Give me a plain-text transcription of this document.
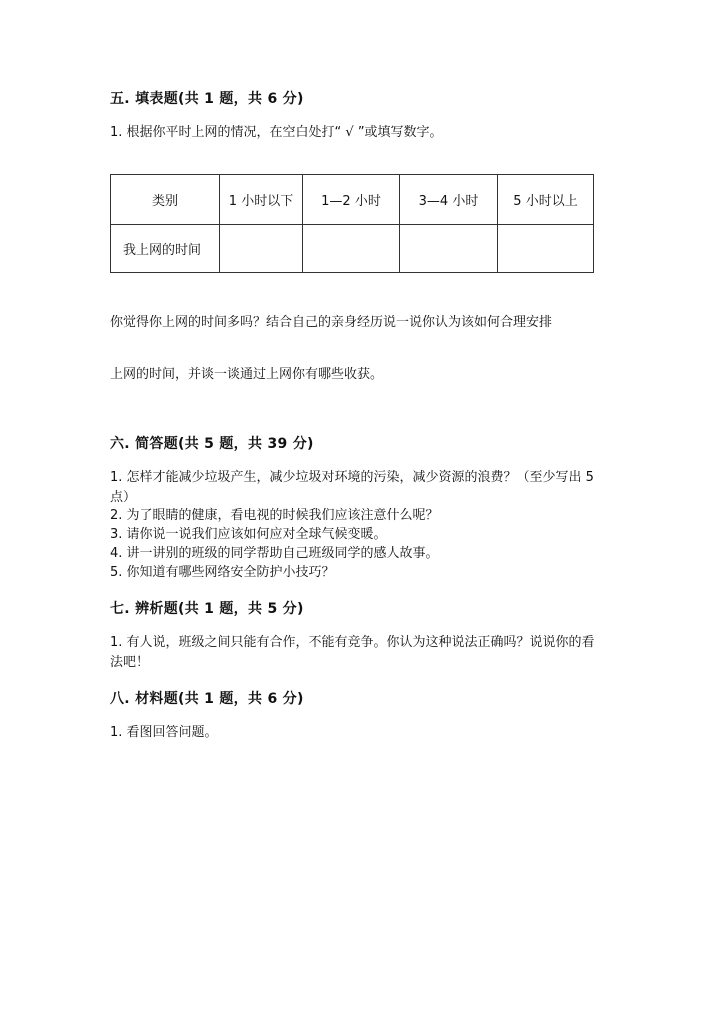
五. 填表题(共 1 题，共 6 分)
1. 根据你平时上网的情况，在空白处打“ √ ”或填写数字。
类别	1 小时以下	1—2 小时	3—4 小时	5 小时以上
我上网的时间				
你觉得你上网的时间多吗？结合自己的亲身经历说一说你认为该如何合理安排
上网的时间，并谈一谈通过上网你有哪些收获。
六. 简答题(共 5 题，共 39 分)
1. 怎样才能减少垃圾产生，减少垃圾对环境的污染，减少资源的浪费？（至少写出 5 点）
2. 为了眼睛的健康，看电视的时候我们应该注意什么呢？
3. 请你说一说我们应该如何应对全球气候变暖。
4. 讲一讲别的班级的同学帮助自己班级同学的感人故事。
5. 你知道有哪些网络安全防护小技巧？
七. 辨析题(共 1 题，共 5 分)
1. 有人说，班级之间只能有合作，不能有竞争。你认为这种说法正确吗？说说你的看法吧！
八. 材料题(共 1 题，共 6 分)
1. 看图回答问题。
